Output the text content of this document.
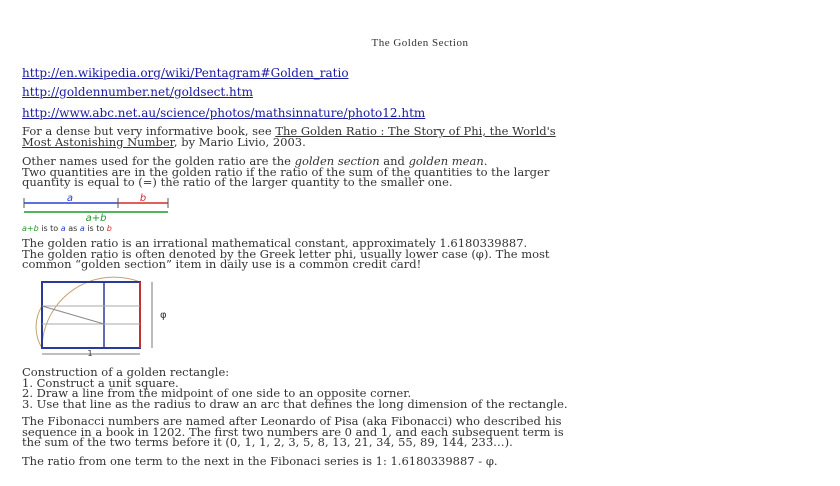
The Golden Section
http://en.wikipedia.org/wiki/Pentagram#Golden_ratio
http://goldennumber.net/goldsect.htm
http://www.abc.net.au/science/photos/mathsinnature/photo12.htm
For a dense but very informative book, see The Golden Ratio : The Story of Phi, the World's
Most Astonishing Number, by Mario Livio, 2003.
Other names used for the golden ratio are the golden section and golden mean.
Two quantities are in the golden ratio if the ratio of the sum of the quantities to the larger
quantity is equal to (=) the ratio of the larger quantity to the smaller one.
a	b
a+b
a+b is to a as a is to b
The golden ratio is an irrational mathematical constant, approximately 1.6180339887.
The golden ratio is often denoted by the Greek letter phi, usually lower case (φ). The most
common “golden section” item in daily use is a common credit card!
1
φ
Construction of a golden rectangle:
1. Construct a unit square.
2. Draw a line from the midpoint of one side to an opposite corner.
3. Use that line as the radius to draw an arc that defines the long dimension of the rectangle.
The Fibonacci numbers are named after Leonardo of Pisa (aka Fibonacci) who described his
sequence in a book in 1202. The first two numbers are 0 and 1, and each subsequent term is
the sum of the two terms before it (0, 1, 1, 2, 3, 5, 8, 13, 21, 34, 55, 89, 144, 233…).
The ratio from one term to the next in the Fibonaci series is 1: 1.6180339887 - φ.
